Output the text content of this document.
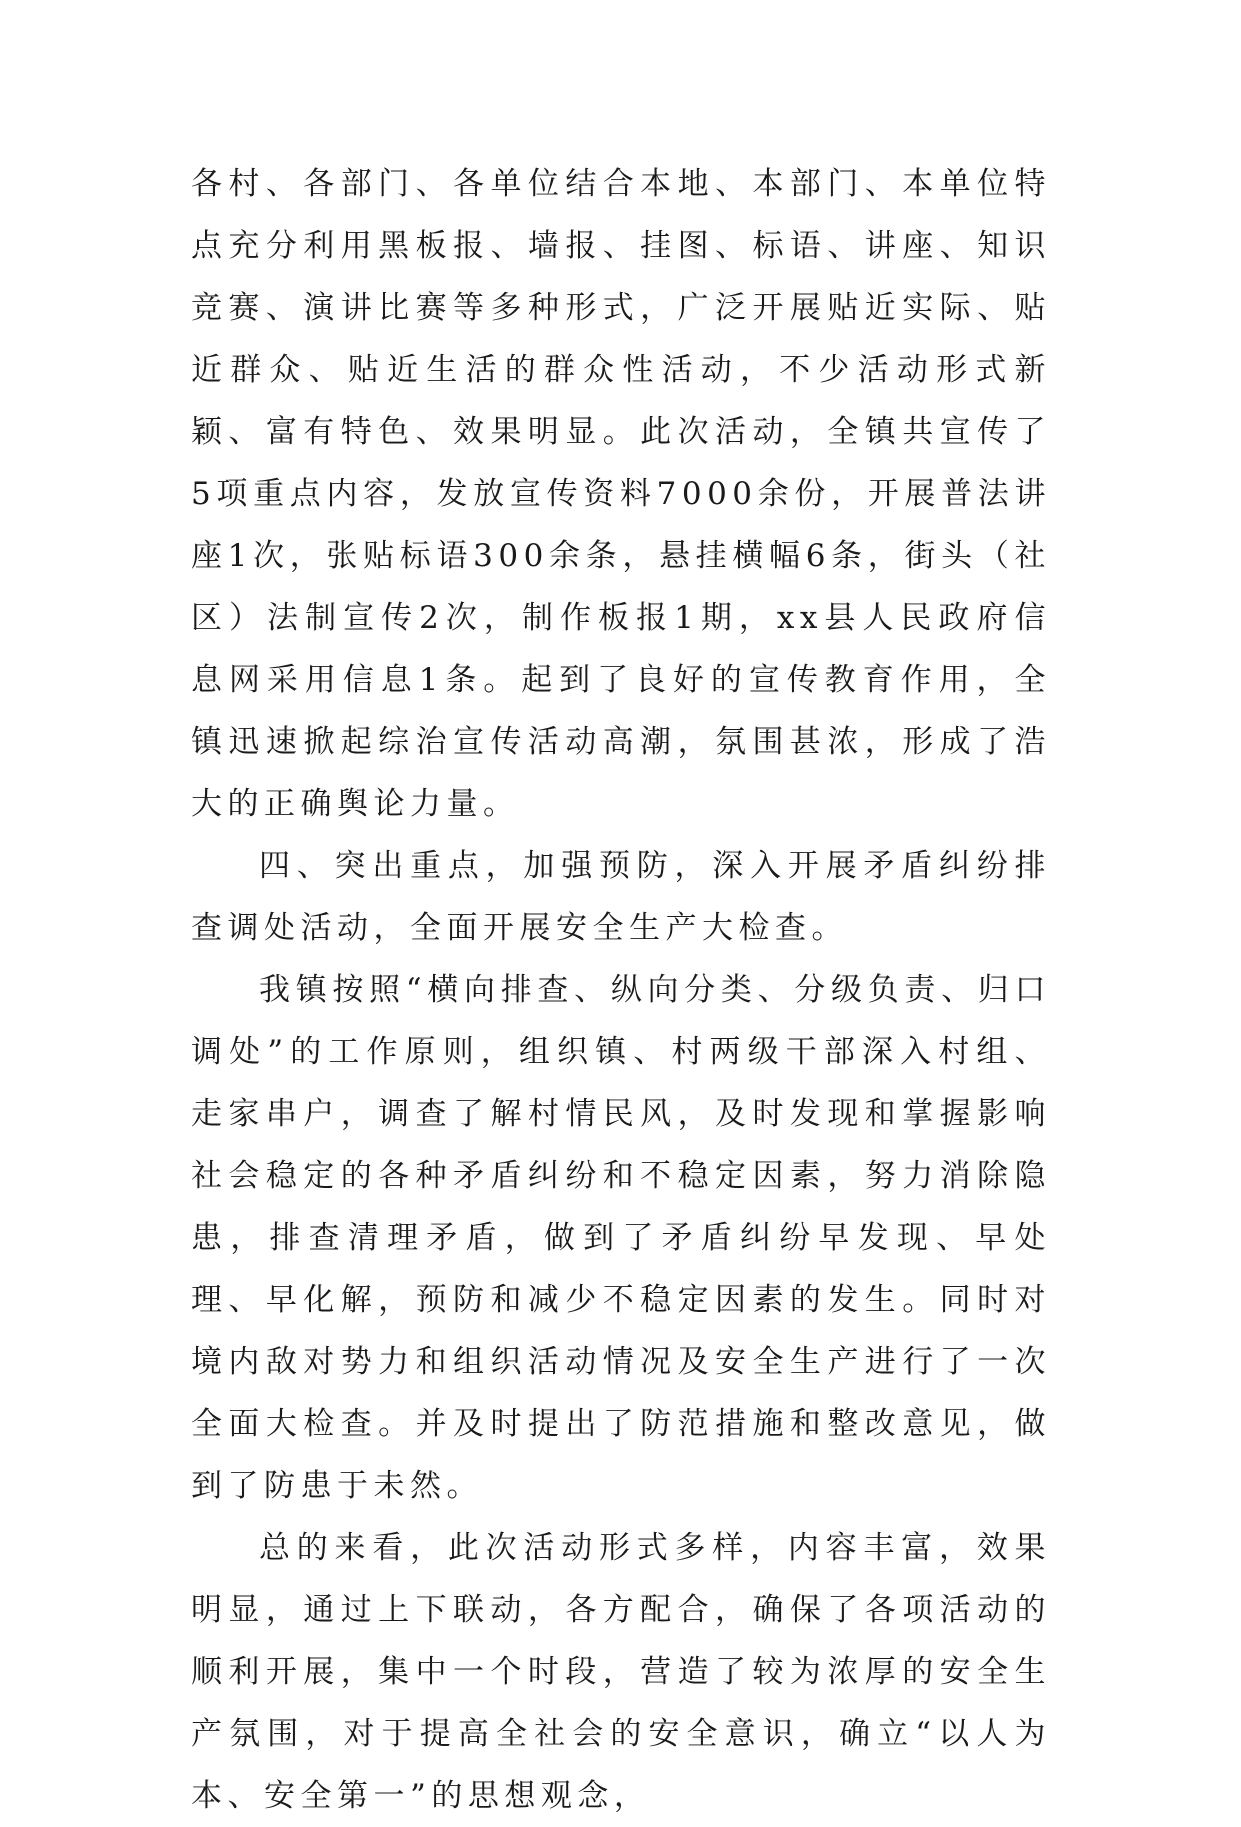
各村、各部门、各单位结合本地、本部门、本单位特点充分利用黑板报、墙报、挂图、标语、讲座、知识竞赛、演讲比赛等多种形式，广泛开展贴近实际、贴近群众、贴近生活的群众性活动，不少活动形式新颖、富有特色、效果明显。此次活动，全镇共宣传了5项重点内容，发放宣传资料7000余份，开展普法讲座1次，张贴标语300余条，悬挂横幅6条，街头（社区）法制宣传2次，制作板报1期，xx县人民政府信息网采用信息1条。起到了良好的宣传教育作用，全镇迅速掀起综治宣传活动高潮，氛围甚浓，形成了浩大的正确舆论力量。

四、突出重点，加强预防，深入开展矛盾纠纷排查调处活动，全面开展安全生产大检查。

我镇按照“横向排查、纵向分类、分级负责、归口调处”的工作原则，组织镇、村两级干部深入村组、走家串户，调查了解村情民风，及时发现和掌握影响社会稳定的各种矛盾纠纷和不稳定因素，努力消除隐患，排查清理矛盾，做到了矛盾纠纷早发现、早处理、早化解，预防和减少不稳定因素的发生。同时对境内敌对势力和组织活动情况及安全生产进行了一次全面大检查。并及时提出了防范措施和整改意见，做到了防患于未然。

总的来看，此次活动形式多样，内容丰富，效果明显，通过上下联动，各方配合，确保了各项活动的顺利开展，集中一个时段，营造了较为浓厚的安全生产氛围，对于提高全社会的安全意识，确立“以人为本、安全第一”的思想观念，
